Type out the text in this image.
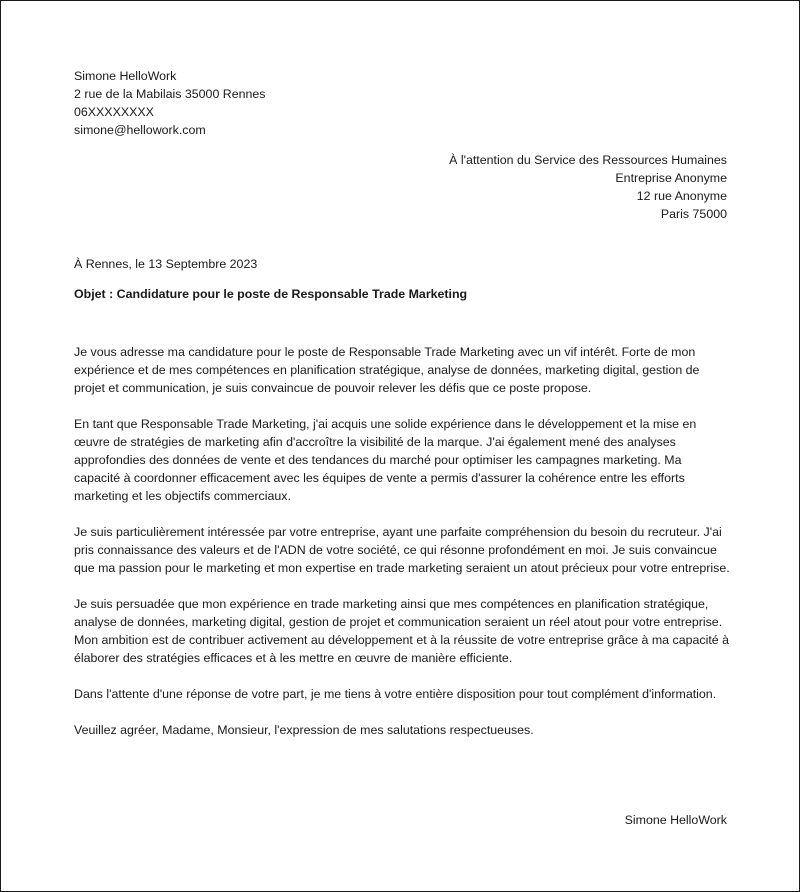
Simone HelloWork
2 rue de la Mabilais 35000 Rennes
06XXXXXXXX
simone@hellowork.com
À l'attention du Service des Ressources Humaines
Entreprise Anonyme
12 rue Anonyme
Paris 75000
À Rennes, le 13 Septembre 2023
Objet : Candidature pour le poste de Responsable Trade Marketing

Je vous adresse ma candidature pour le poste de Responsable Trade Marketing avec un vif intérêt. Forte de mon expérience et de mes compétences en planification stratégique, analyse de données, marketing digital, gestion de projet et communication, je suis convaincue de pouvoir relever les défis que ce poste propose.

En tant que Responsable Trade Marketing, j'ai acquis une solide expérience dans le développement et la mise en œuvre de stratégies de marketing afin d'accroître la visibilité de la marque. J'ai également mené des analyses approfondies des données de vente et des tendances du marché pour optimiser les campagnes marketing. Ma capacité à coordonner efficacement avec les équipes de vente a permis d'assurer la cohérence entre les efforts marketing et les objectifs commerciaux.

Je suis particulièrement intéressée par votre entreprise, ayant une parfaite compréhension du besoin du recruteur. J'ai pris connaissance des valeurs et de l'ADN de votre société, ce qui résonne profondément en moi. Je suis convaincue que ma passion pour le marketing et mon expertise en trade marketing seraient un atout précieux pour votre entreprise.

Je suis persuadée que mon expérience en trade marketing ainsi que mes compétences en planification stratégique, analyse de données, marketing digital, gestion de projet et communication seraient un réel atout pour votre entreprise. Mon ambition est de contribuer activement au développement et à la réussite de votre entreprise grâce à ma capacité à élaborer des stratégies efficaces et à les mettre en œuvre de manière efficiente.

Dans l'attente d'une réponse de votre part, je me tiens à votre entière disposition pour tout complément d'information.

Veuillez agréer, Madame, Monsieur, l'expression de mes salutations respectueuses.

Simone HelloWork
